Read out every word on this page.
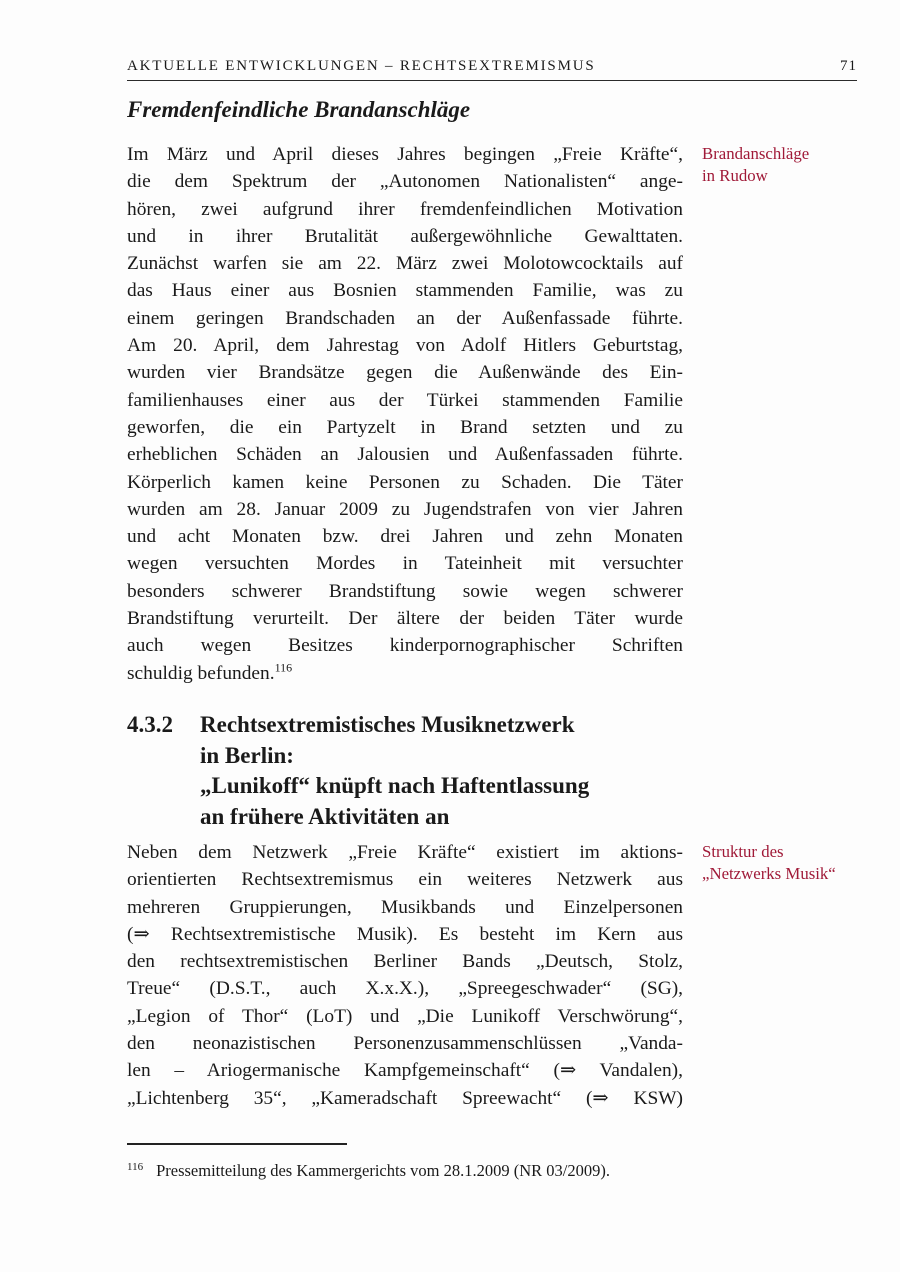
AKTUELLE ENTWICKLUNGEN – RECHTSEXTREMISMUS	71
Fremdenfeindliche Brandanschläge
Im März und April dieses Jahres begingen „Freie Kräfte“,
die dem Spektrum der „Autonomen Nationalisten“ ange-
hören, zwei aufgrund ihrer fremdenfeindlichen Motivation
und in ihrer Brutalität außergewöhnliche Gewalttaten.
Zunächst warfen sie am 22. März zwei Molotowcocktails auf
das Haus einer aus Bosnien stammenden Familie, was zu
einem geringen Brandschaden an der Außenfassade führte.
Am 20. April, dem Jahrestag von Adolf Hitlers Geburtstag,
wurden vier Brandsätze gegen die Außenwände des Ein-
familienhauses einer aus der Türkei stammenden Familie
geworfen, die ein Partyzelt in Brand setzten und zu
erheblichen Schäden an Jalousien und Außenfassaden führte.
Körperlich kamen keine Personen zu Schaden. Die Täter
wurden am 28. Januar 2009 zu Jugendstrafen von vier Jahren
und acht Monaten bzw. drei Jahren und zehn Monaten
wegen versuchten Mordes in Tateinheit mit versuchter
besonders schwerer Brandstiftung sowie wegen schwerer
Brandstiftung verurteilt. Der ältere der beiden Täter wurde
auch wegen Besitzes kinderpornographischer Schriften
schuldig befunden.$^{116}$
Brandanschläge
in Rudow
4.3.2	Rechtsextremistisches Musiknetzwerk
in Berlin:
„Lunikoff“ knüpft nach Haftentlassung
an frühere Aktivitäten an
Neben dem Netzwerk „Freie Kräfte“ existiert im aktions-
orientierten Rechtsextremismus ein weiteres Netzwerk aus
mehreren Gruppierungen, Musikbands und Einzelpersonen
(⇒ Rechtsextremistische Musik). Es besteht im Kern aus
den rechtsextremistischen Berliner Bands „Deutsch, Stolz,
Treue“ (D.S.T., auch X.x.X.), „Spreegeschwader“ (SG),
„Legion of Thor“ (LoT) und „Die Lunikoff Verschwörung“,
den neonazistischen Personenzusammenschlüssen „Vanda-
len – Ariogermanische Kampfgemeinschaft“ (⇒ Vandalen),
„Lichtenberg 35“, „Kameradschaft Spreewacht“ (⇒ KSW)
Struktur des
„Netzwerks Musik“
$^{116}$ Pressemitteilung des Kammergerichts vom 28.1.2009 (NR 03/2009).
